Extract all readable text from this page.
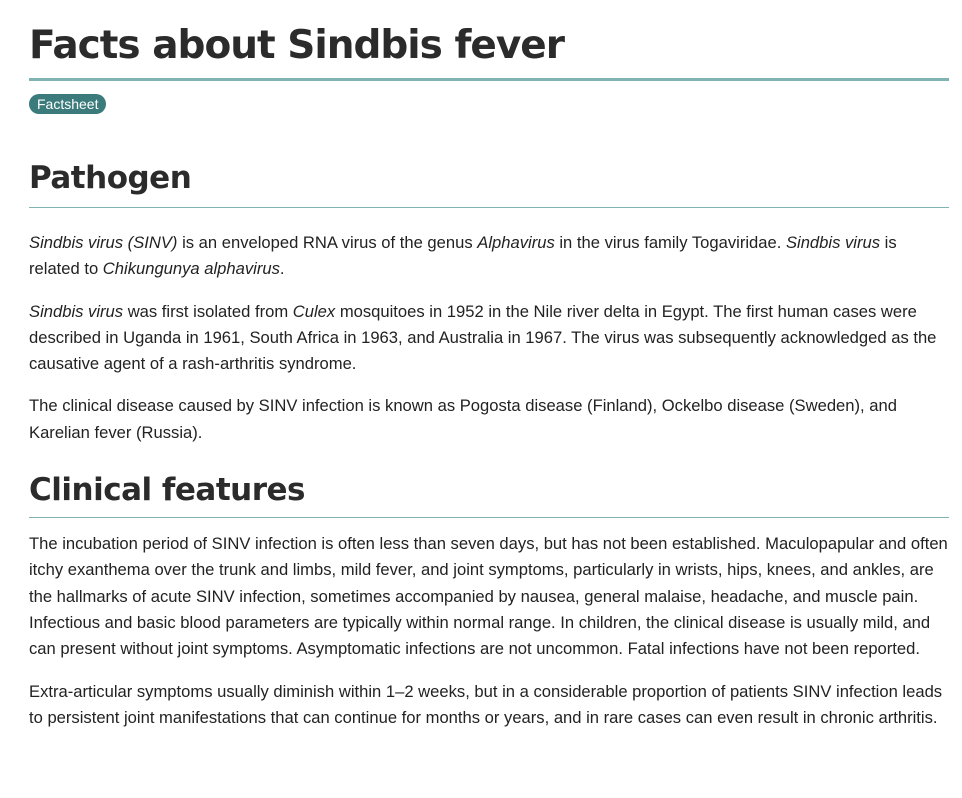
Facts about Sindbis fever
Factsheet
Pathogen

Sindbis virus (SINV) is an enveloped RNA virus of the genus Alphavirus in the virus family Togaviridae. Sindbis virus is related to Chikungunya alphavirus.

Sindbis virus was first isolated from Culex mosquitoes in 1952 in the Nile river delta in Egypt. The first human cases were described in Uganda in 1961, South Africa in 1963, and Australia in 1967. The virus was subsequently acknowledged as the causative agent of a rash-arthritis syndrome.

The clinical disease caused by SINV infection is known as Pogosta disease (Finland), Ockelbo disease (Sweden), and Karelian fever (Russia).

Clinical features

The incubation period of SINV infection is often less than seven days, but has not been established. Maculopapular and often itchy exanthema over the trunk and limbs, mild fever, and joint symptoms, particularly in wrists, hips, knees, and ankles, are the hallmarks of acute SINV infection, sometimes accompanied by nausea, general malaise, headache, and muscle pain. Infectious and basic blood parameters are typically within normal range. In children, the clinical disease is usually mild, and can present without joint symptoms. Asymptomatic infections are not uncommon. Fatal infections have not been reported.

Extra-articular symptoms usually diminish within 1–2 weeks, but in a considerable proportion of patients SINV infection leads to persistent joint manifestations that can continue for months or years, and in rare cases can even result in chronic arthritis.
